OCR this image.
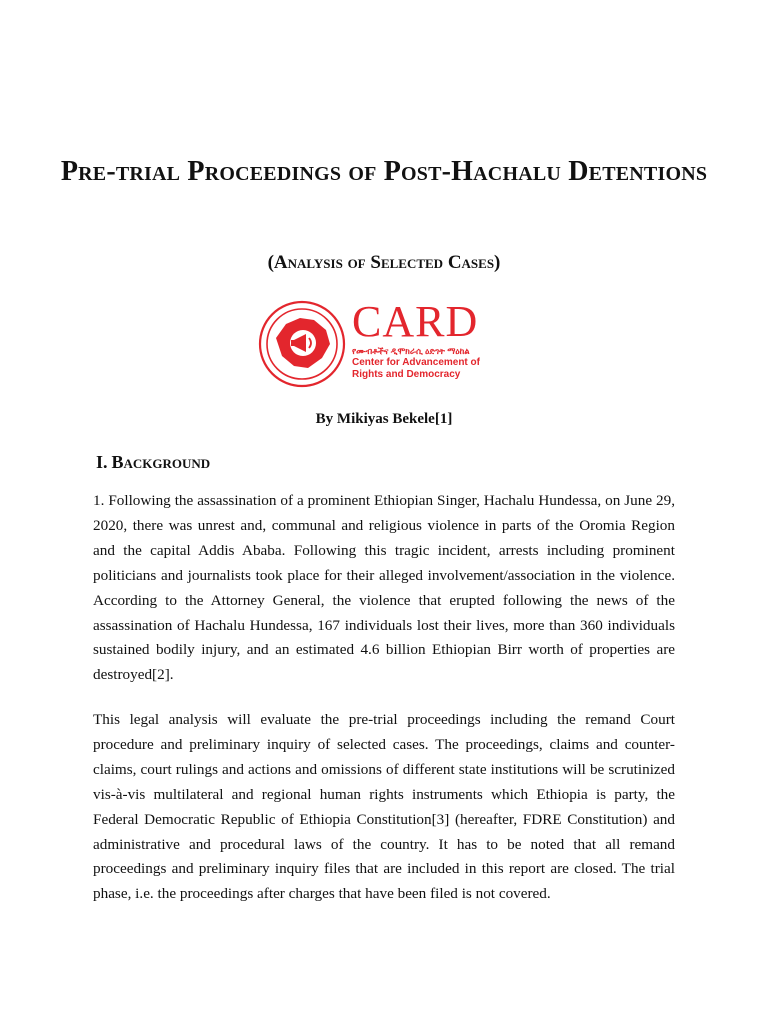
Pre-trial Proceedings of Post-Hachalu Detentions

(Analysis of Selected Cases)

CARD
የሙብቶችና ዲሞክራሲ ዕድገት ማዕከል
Center for Advancement of
Rights and Democracy

By Mikiyas Bekele[1]

I. Background

1. Following the assassination of a prominent Ethiopian Singer, Hachalu Hundessa, on June 29, 2020, there was unrest and, communal and religious violence in parts of the Oromia Region and the capital Addis Ababa. Following this tragic incident, arrests including prominent politicians and journalists took place for their alleged involvement/association in the violence. According to the Attorney General, the violence that erupted following the news of the assassination of Hachalu Hundessa, 167 individuals lost their lives, more than 360 individuals sustained bodily injury, and an estimated 4.6 billion Ethiopian Birr worth of properties are destroyed[2].

This legal analysis will evaluate the pre-trial proceedings including the remand Court procedure and preliminary inquiry of selected cases. The proceedings, claims and counter-claims, court rulings and actions and omissions of different state institutions will be scrutinized vis-à-vis multilateral and regional human rights instruments which Ethiopia is party, the Federal Democratic Republic of Ethiopia Constitution[3] (hereafter, FDRE Constitution) and administrative and procedural laws of the country. It has to be noted that all remand proceedings and preliminary inquiry files that are included in this report are closed. The trial phase, i.e. the proceedings after charges that have been filed is not covered.
